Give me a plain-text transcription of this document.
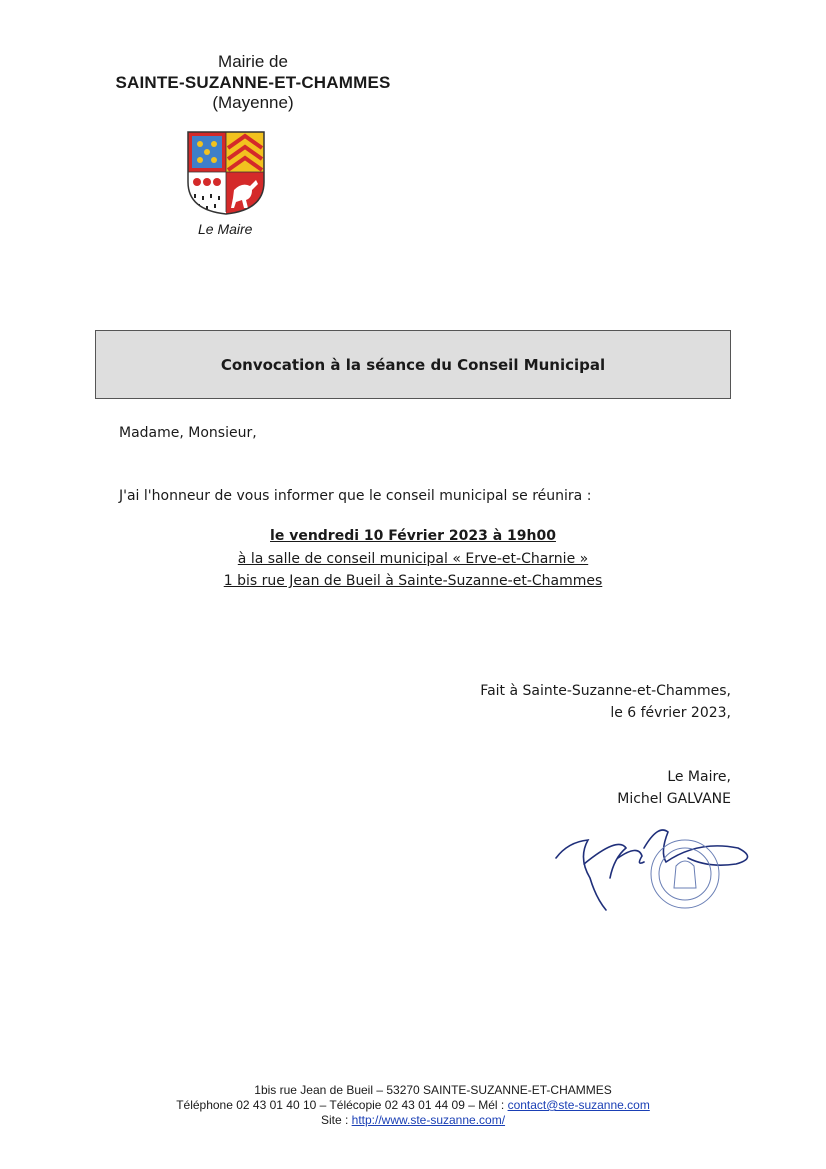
Mairie de
SAINTE-SUZANNE-ET-CHAMMES
(Mayenne)
Le Maire
Convocation à la séance du Conseil Municipal
Madame, Monsieur,
J'ai l'honneur de vous informer que le conseil municipal se réunira :
le vendredi 10 Février 2023 à 19h00
à la salle de conseil municipal « Erve-et-Charnie »
1 bis rue Jean de Bueil à Sainte-Suzanne-et-Chammes
Fait à Sainte-Suzanne-et-Chammes,
le 6 février 2023,
Le Maire,
Michel GALVANE
1bis rue Jean de Bueil – 53270 SAINTE-SUZANNE-ET-CHAMMES
Téléphone 02 43 01 40 10 – Télécopie 02 43 01 44 09 – Mél : contact@ste-suzanne.com
Site : http://www.ste-suzanne.com/
